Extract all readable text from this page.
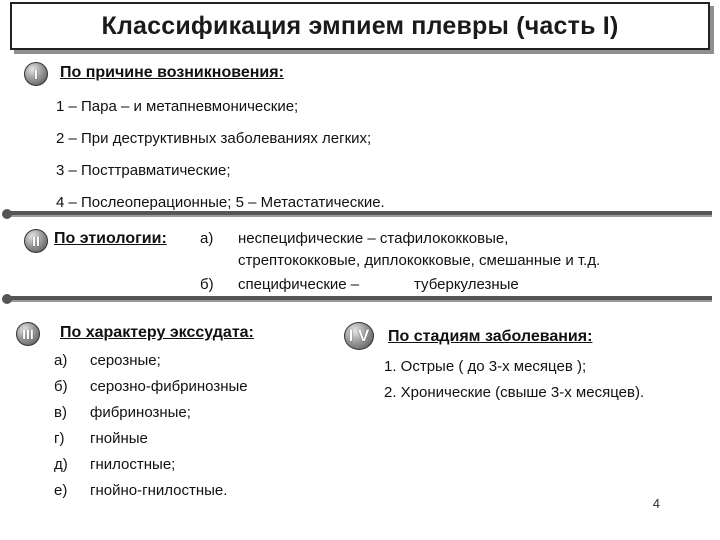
Классификация эмпием плевры (часть I)
I	По причине возникновения:
1 – Пара – и метапневмонические;
2 – При деструктивных заболеваниях легких;
3 – Посттравматические;
4 – Послеоперационные; 5 – Метастатические.
II По этиологии: а) неспецифические – стафилококковые,
стрептококковые, диплококковые, смешанные и т.д.
б) специфические –	туберкулезные
III	По характеру экссудата:
а) серозные;
б) серозно-фибринозные
в) фибринозные;
г) гнойные
д) гнилостные;
е) гнойно-гнилостные.
I V По стадиям заболевания:
1. Острые ( до 3-х месяцев );
2. Хронические (свыше 3-х месяцев).
4
